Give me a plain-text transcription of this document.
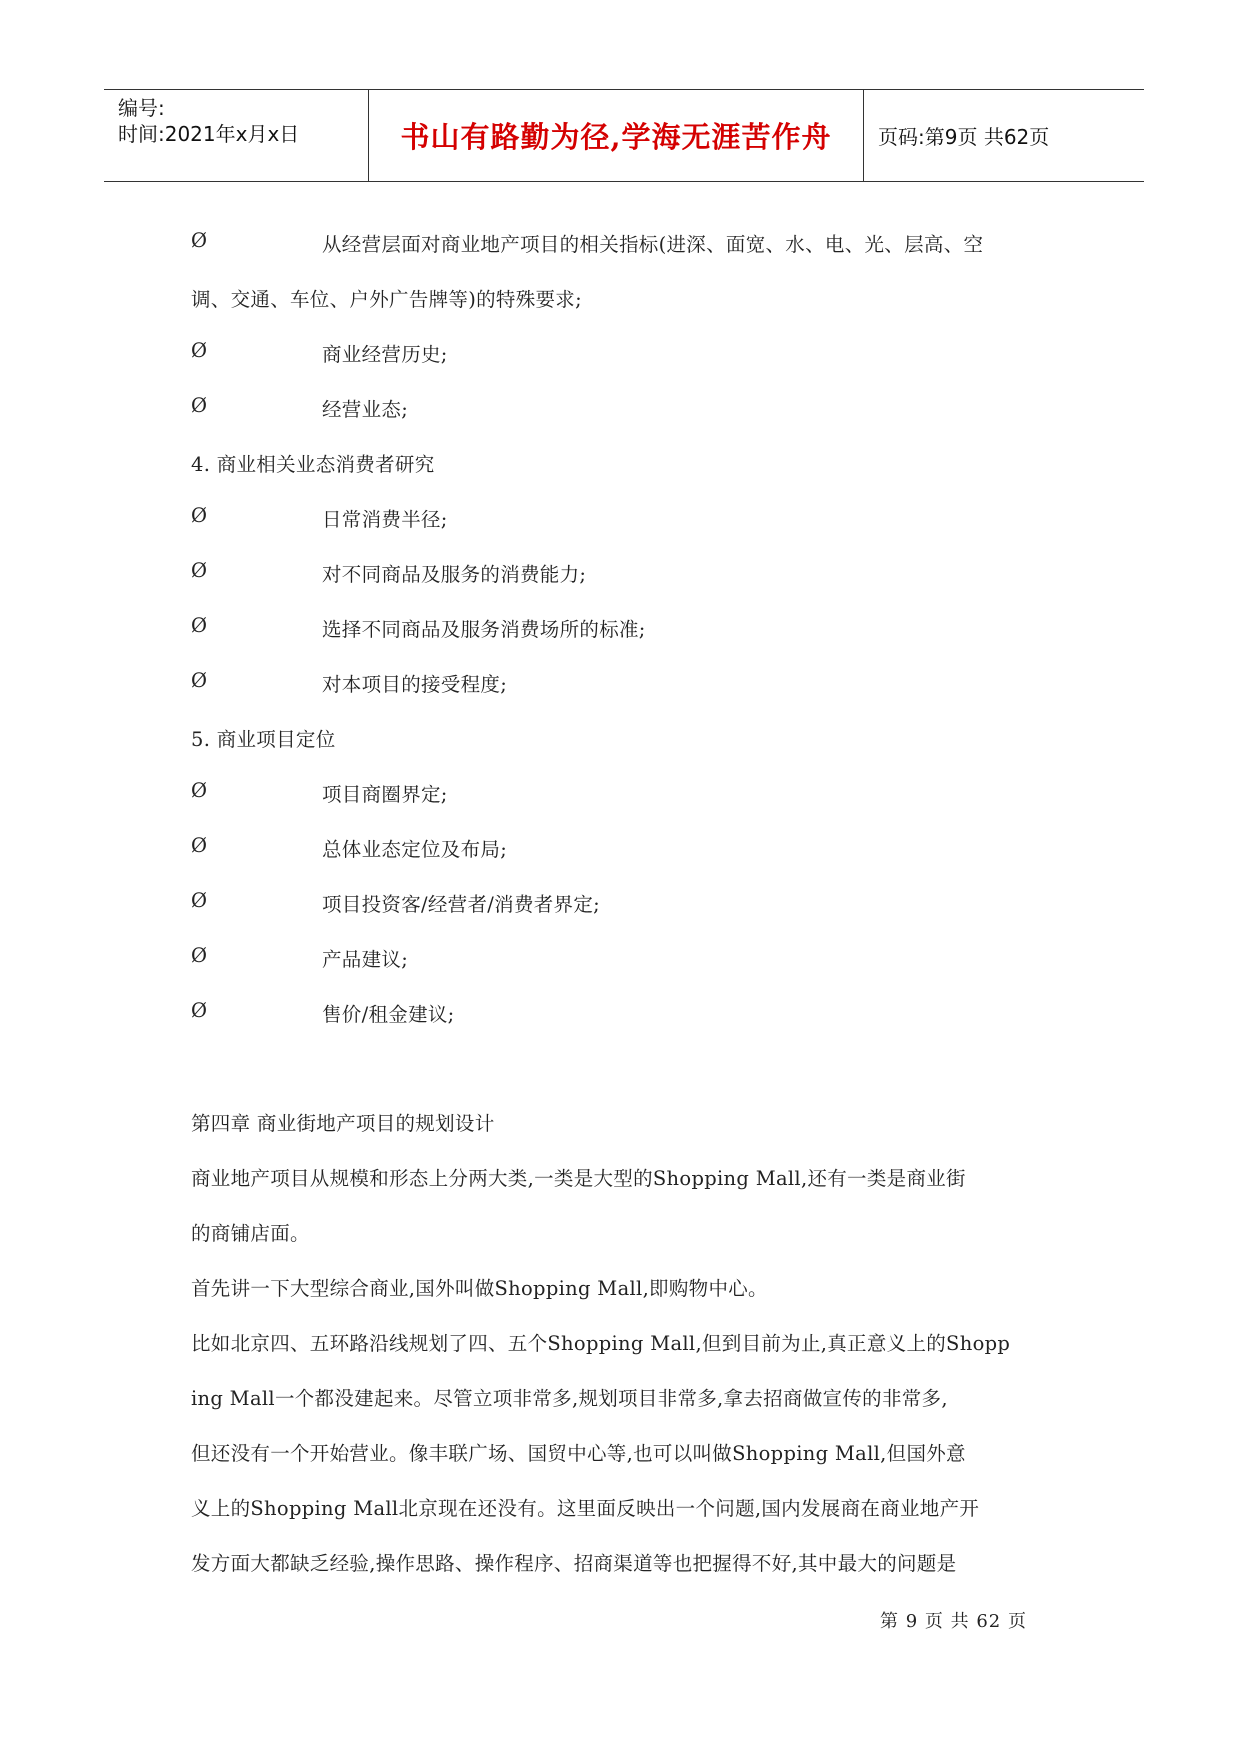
编号:
时间:2021年x月x日	书山有路勤为径,学海无涯苦作舟 页码:第9页 共62页
Ø	从经营层面对商业地产项目的相关指标(进深、面宽、水、电、光、层高、空
调、交通、车位、户外广告牌等)的特殊要求;
Ø	商业经营历史;
Ø	经营业态;
4. 商业相关业态消费者研究
Ø	日常消费半径;
Ø	对不同商品及服务的消费能力;
Ø	选择不同商品及服务消费场所的标准;
Ø	对本项目的接受程度;
5. 商业项目定位
Ø	项目商圈界定;
Ø	总体业态定位及布局;
Ø	项目投资客/经营者/消费者界定;
Ø	产品建议;
Ø	售价/租金建议;
第四章 商业街地产项目的规划设计
商业地产项目从规模和形态上分两大类,一类是大型的Shopping Mall,还有一类是商业街
的商铺店面。
首先讲一下大型综合商业,国外叫做Shopping Mall,即购物中心。
比如北京四、五环路沿线规划了四、五个Shopping Mall,但到目前为止,真正意义上的Shopp
ing Mall一个都没建起来。尽管立项非常多,规划项目非常多,拿去招商做宣传的非常多,
但还没有一个开始营业。像丰联广场、国贸中心等,也可以叫做Shopping Mall,但国外意
义上的Shopping Mall北京现在还没有。这里面反映出一个问题,国内发展商在商业地产开
发方面大都缺乏经验,操作思路、操作程序、招商渠道等也把握得不好,其中最大的问题是
第 9 页 共 62 页
